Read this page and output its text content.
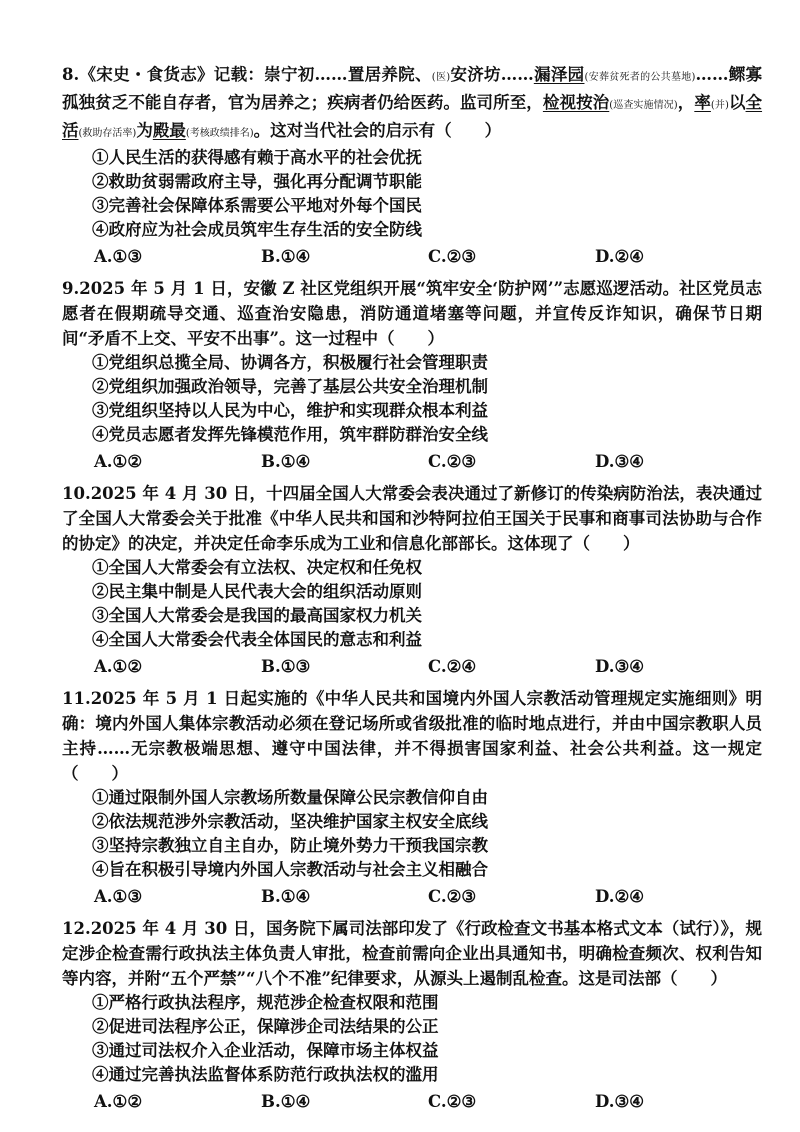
8.《宋史・食货志》记载：崇宁初……置居养院、(医)安济坊……漏泽园(安葬贫死者的公共墓地)……鳏寡孤独贫乏不能自存者，官为居养之；疾病者仍给医药。监司所至，检视按治(巡查实施情况)，率(并)以全活(救助存活率)为殿最(考核政绩排名)。这对当代社会的启示有（　　）

①人民生活的获得感有赖于高水平的社会优抚
②救助贫弱需政府主导，强化再分配调节职能
③完善社会保障体系需要公平地对外每个国民
④政府应为社会成员筑牢生存生活的安全防线
A.①③	B.①④	C.②③	D.②④

9.2025 年 5 月 1 日，安徽 Z 社区党组织开展“筑牢安全‘防护网’”志愿巡逻活动。社区党员志愿者在假期疏导交通、巡查治安隐患，消防通道堵塞等问题，并宣传反诈知识，确保节日期间“矛盾不上交、平安不出事”。这一过程中（　　）

①党组织总揽全局、协调各方，积极履行社会管理职责
②党组织加强政治领导，完善了基层公共安全治理机制
③党组织坚持以人民为中心，维护和实现群众根本利益
④党员志愿者发挥先锋模范作用，筑牢群防群治安全线
A.①②	B.①④	C.②③	D.③④

10.2025 年 4 月 30 日，十四届全国人大常委会表决通过了新修订的传染病防治法，表决通过了全国人大常委会关于批准《中华人民共和国和沙特阿拉伯王国关于民事和商事司法协助与合作的协定》的决定，并决定任命李乐成为工业和信息化部部长。这体现了（　　）

①全国人大常委会有立法权、决定权和任免权
②民主集中制是人民代表大会的组织活动原则
③全国人大常委会是我国的最高国家权力机关
④全国人大常委会代表全体国民的意志和利益
A.①②	B.①③	C.②④	D.③④

11.2025 年 5 月 1 日起实施的《中华人民共和国境内外国人宗教活动管理规定实施细则》明确：境内外国人集体宗教活动必须在登记场所或省级批准的临时地点进行，并由中国宗教职人员主持……无宗教极端思想、遵守中国法律，并不得损害国家利益、社会公共利益。这一规定（　　）

①通过限制外国人宗教场所数量保障公民宗教信仰自由
②依法规范涉外宗教活动，坚决维护国家主权安全底线
③坚持宗教独立自主自办，防止境外势力干预我国宗教
④旨在积极引导境内外国人宗教活动与社会主义相融合
A.①③	B.①④	C.②③	D.②④

12.2025 年 4 月 30 日，国务院下属司法部印发了《行政检查文书基本格式文本（试行）》，规定涉企检查需行政执法主体负责人审批，检查前需向企业出具通知书，明确检查频次、权利告知等内容，并附“五个严禁”“八个不准”纪律要求，从源头上遏制乱检查。这是司法部（　　）

①严格行政执法程序，规范涉企检查权限和范围
②促进司法程序公正，保障涉企司法结果的公正
③通过司法权介入企业活动，保障市场主体权益
④通过完善执法监督体系防范行政执法权的滥用
A.①②	B.①④	C.②③	D.③④
